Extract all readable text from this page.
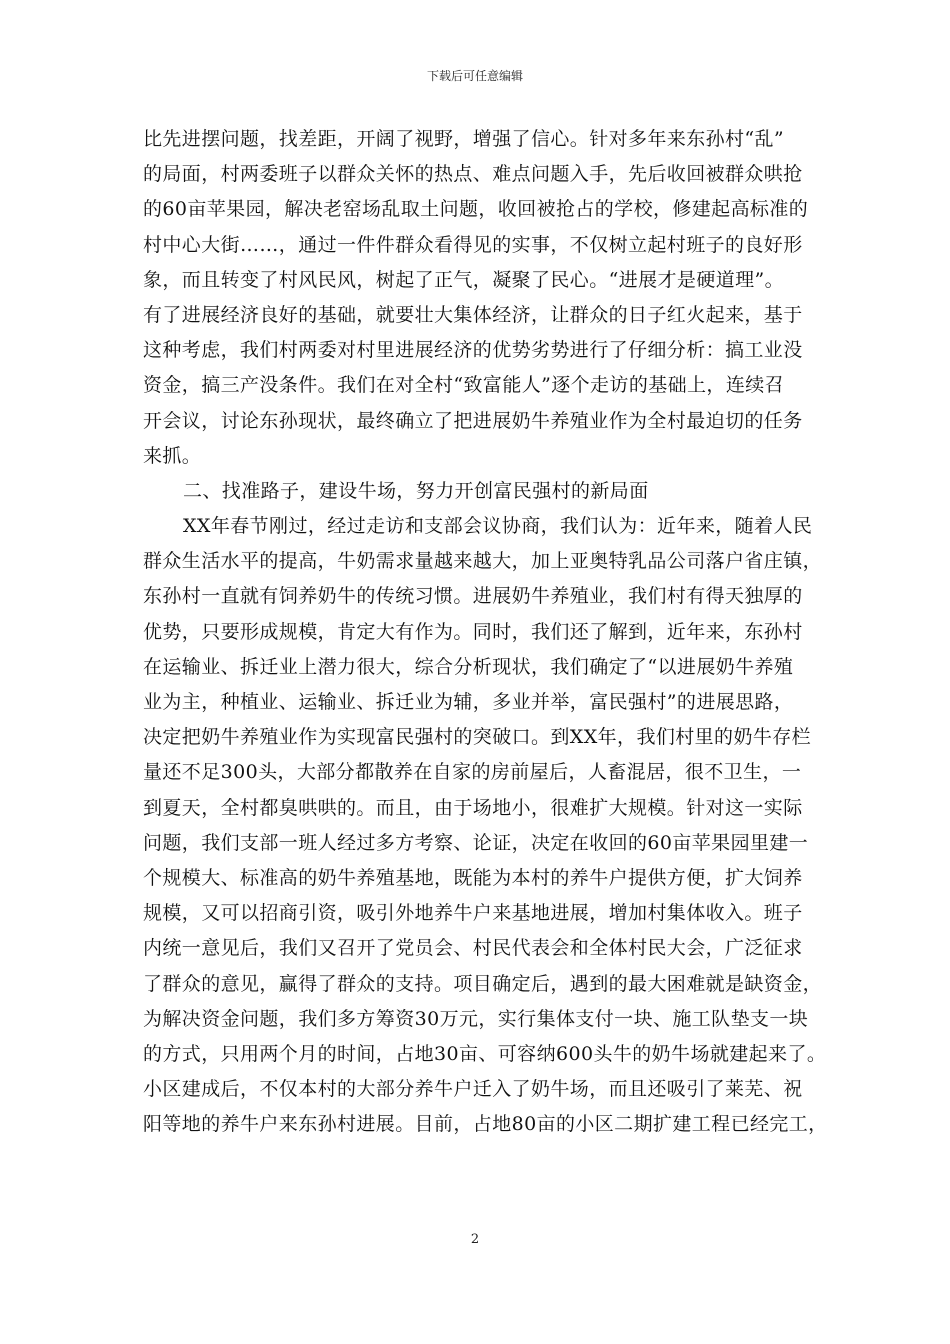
下载后可任意编辑
比先进摆问题，找差距，开阔了视野，增强了信心。针对多年来东孙村“乱”
的局面，村两委班子以群众关怀的热点、难点问题入手，先后收回被群众哄抢
的60亩苹果园，解决老窑场乱取土问题，收回被抢占的学校，修建起高标准的
村中心大街……，通过一件件群众看得见的实事，不仅树立起村班子的良好形
象，而且转变了村风民风，树起了正气，凝聚了民心。“进展才是硬道理”。
有了进展经济良好的基础，就要壮大集体经济，让群众的日子红火起来，基于
这种考虑，我们村两委对村里进展经济的优势劣势进行了仔细分析：搞工业没
资金，搞三产没条件。我们在对全村“致富能人”逐个走访的基础上，连续召
开会议，讨论东孙现状，最终确立了把进展奶牛养殖业作为全村最迫切的任务
来抓。
二、找准路子，建设牛场，努力开创富民强村的新局面
XX年春节刚过，经过走访和支部会议协商，我们认为：近年来，随着人民
群众生活水平的提高，牛奶需求量越来越大，加上亚奥特乳品公司落户省庄镇，
东孙村一直就有饲养奶牛的传统习惯。进展奶牛养殖业，我们村有得天独厚的
优势，只要形成规模，肯定大有作为。同时，我们还了解到，近年来，东孙村
在运输业、拆迁业上潜力很大，综合分析现状，我们确定了“以进展奶牛养殖
业为主，种植业、运输业、拆迁业为辅，多业并举，富民强村”的进展思路，
决定把奶牛养殖业作为实现富民强村的突破口。到XX年，我们村里的奶牛存栏
量还不足300头，大部分都散养在自家的房前屋后，人畜混居，很不卫生，一
到夏天，全村都臭哄哄的。而且，由于场地小，很难扩大规模。针对这一实际
问题，我们支部一班人经过多方考察、论证，决定在收回的60亩苹果园里建一
个规模大、标准高的奶牛养殖基地，既能为本村的养牛户提供方便，扩大饲养
规模，又可以招商引资，吸引外地养牛户来基地进展，增加村集体收入。班子
内统一意见后，我们又召开了党员会、村民代表会和全体村民大会，广泛征求
了群众的意见，赢得了群众的支持。项目确定后，遇到的最大困难就是缺资金，
为解决资金问题，我们多方筹资30万元，实行集体支付一块、施工队垫支一块
的方式，只用两个月的时间，占地30亩、可容纳600头牛的奶牛场就建起来了。
小区建成后，不仅本村的大部分养牛户迁入了奶牛场，而且还吸引了莱芜、祝
阳等地的养牛户来东孙村进展。目前，占地80亩的小区二期扩建工程已经完工，
2
